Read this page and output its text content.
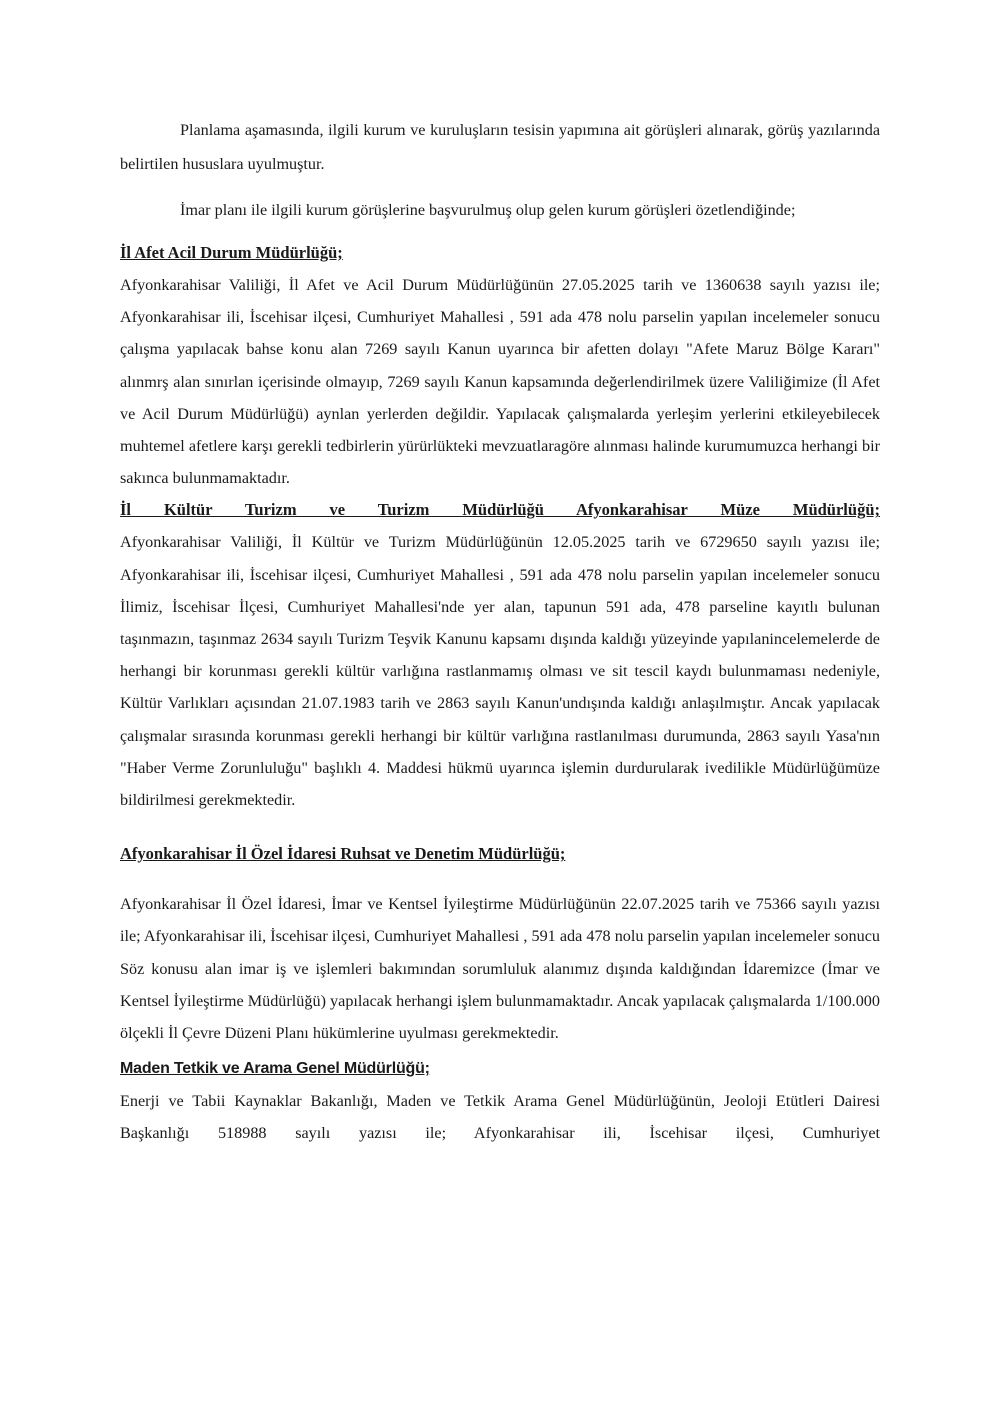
Planlama aşamasında, ilgili kurum ve kuruluşların tesisin yapımına ait görüşleri alınarak, görüş yazılarında belirtilen hususlara uyulmuştur.

İmar planı ile ilgili kurum görüşlerine başvurulmuş olup gelen kurum görüşleri özetlendiğinde;

İl Afet Acil Durum Müdürlüğü;

Afyonkarahisar Valiliği, İl Afet ve Acil Durum Müdürlüğünün 27.05.2025 tarih ve 1360638 sayılı yazısı ile; Afyonkarahisar ili, İscehisar ilçesi, Cumhuriyet Mahallesi , 591 ada 478 nolu parselin yapılan incelemeler sonucu çalışma yapılacak bahse konu alan 7269 sayılı Kanun uyarınca bir afetten dolayı "Afete Maruz Bölge Kararı" alınmrş alan sınırlan içerisinde olmayıp, 7269 sayılı Kanun kapsamında değerlendirilmek üzere Valiliğimize (İl Afet ve Acil Durum Müdürlüğü) aynlan yerlerden değildir. Yapılacak çalışmalarda yerleşim yerlerini etkileyebilecek muhtemel afetlere karşı gerekli tedbirlerin yürürlükteki mevzuatlaragöre alınması halinde kurumumuzca herhangi bir sakınca bulunmamaktadır.

İl Kültür Turizm ve Turizm Müdürlüğü Afyonkarahisar Müze Müdürlüğü;

Afyonkarahisar Valiliği, İl Kültür ve Turizm Müdürlüğünün 12.05.2025 tarih ve 6729650 sayılı yazısı ile; Afyonkarahisar ili, İscehisar ilçesi, Cumhuriyet Mahallesi , 591 ada 478 nolu parselin yapılan incelemeler sonucu İlimiz, İscehisar İlçesi, Cumhuriyet Mahallesi'nde yer alan, tapunun 591 ada, 478 parseline kayıtlı bulunan taşınmazın, taşınmaz 2634 sayılı Turizm Teşvik Kanunu kapsamı dışında kaldığı yüzeyinde yapılanincelemelerde de herhangi bir korunması gerekli kültür varlığına rastlanmamış olması ve sit tescil kaydı bulunmaması nedeniyle, Kültür Varlıkları açısından 21.07.1983 tarih ve 2863 sayılı Kanun'undışında kaldığı anlaşılmıştır. Ancak yapılacak çalışmalar sırasında korunması gerekli herhangi bir kültür varlığına rastlanılması durumunda, 2863 sayılı Yasa'nın "Haber Verme Zorunluluğu" başlıklı 4. Maddesi hükmü uyarınca işlemin durdurularak ivedilikle Müdürlüğümüze bildirilmesi gerekmektedir.

Afyonkarahisar İl Özel İdaresi Ruhsat ve Denetim Müdürlüğü;

Afyonkarahisar İl Özel İdaresi, İmar ve Kentsel İyileştirme Müdürlüğünün 22.07.2025 tarih ve 75366 sayılı yazısı ile; Afyonkarahisar ili, İscehisar ilçesi, Cumhuriyet Mahallesi , 591 ada 478 nolu parselin yapılan incelemeler sonucu Söz konusu alan imar iş ve işlemleri bakımından sorumluluk alanımız dışında kaldığından İdaremizce (İmar ve Kentsel İyileştirme Müdürlüğü) yapılacak herhangi işlem bulunmamaktadır. Ancak yapılacak çalışmalarda 1/100.000 ölçekli İl Çevre Düzeni Planı hükümlerine uyulması gerekmektedir.

Maden Tetkik ve Arama Genel Müdürlüğü;

Enerji ve Tabii Kaynaklar Bakanlığı, Maden ve Tetkik Arama Genel Müdürlüğünün, Jeoloji Etütleri Dairesi Başkanlığı 518988 sayılı yazısı ile; Afyonkarahisar ili, İscehisar ilçesi, Cumhuriyet
